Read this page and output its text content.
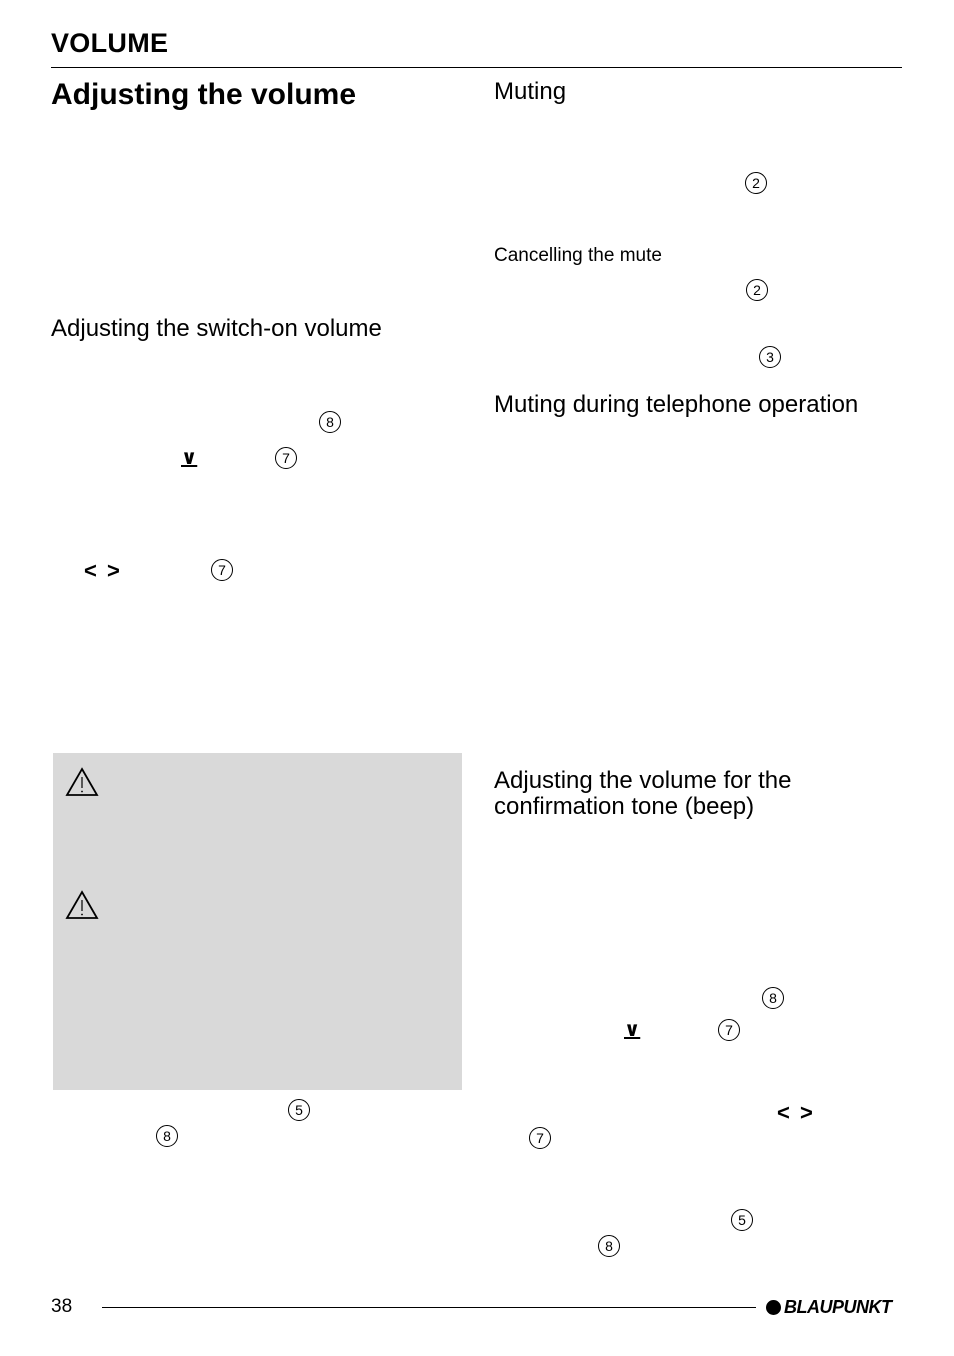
VOLUME
Adjusting the volume
Adjusting the switch-on volume
8
∨	7
< >	7
5
8
Muting
2
Cancelling the mute
2
3
Muting during telephone operation
Adjusting the volume for the confirmation tone (beep)
8
∨	7
< >
7
5
8
38	BLAUPUNKT
